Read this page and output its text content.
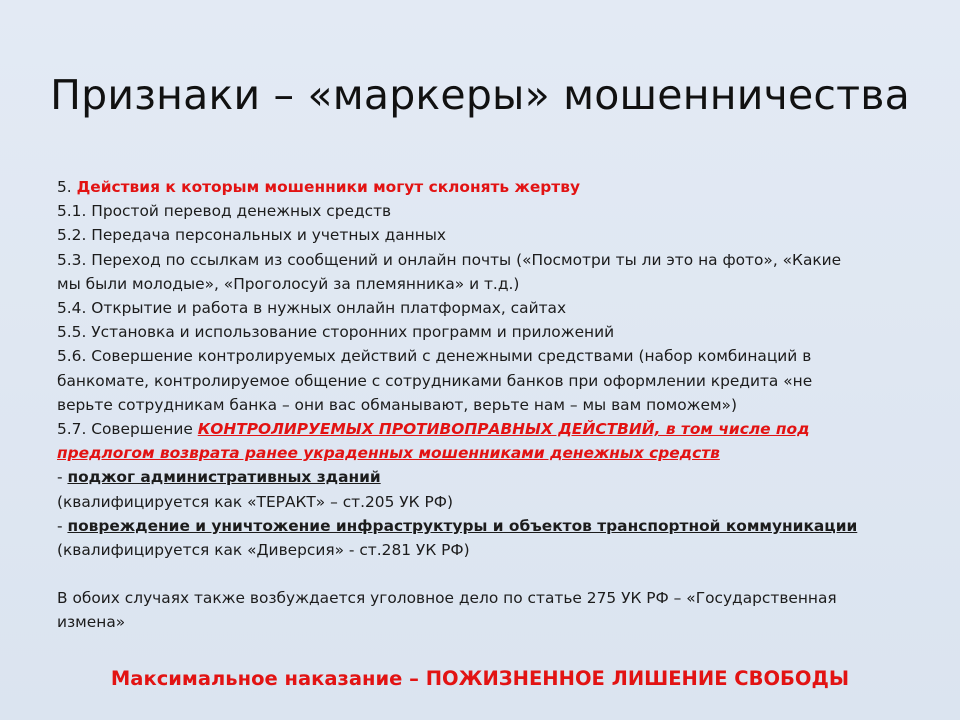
Признаки – «маркеры» мошенничества
5. Действия к которым мошенники могут склонять жертву
5.1. Простой перевод денежных средств
5.2. Передача персональных и учетных данных
5.3. Переход по ссылкам из сообщений и онлайн почты («Посмотри ты ли это на фото», «Какие
мы были молодые», «Проголосуй за племянника» и т.д.)
5.4. Открытие и работа в нужных онлайн платформах, сайтах
5.5. Установка и использование сторонних программ и приложений
5.6. Совершение контролируемых действий с денежными средствами (набор комбинаций в
банкомате, контролируемое общение с сотрудниками банков при оформлении кредита «не
верьте сотрудникам банка – они вас обманывают, верьте нам – мы вам поможем»)
5.7. Совершение КОНТРОЛИРУЕМЫХ ПРОТИВОПРАВНЫХ ДЕЙСТВИЙ, в том числе под
предлогом возврата ранее украденных мошенниками денежных средств
- поджог административных зданий
(квалифицируется как «ТЕРАКТ» – ст.205 УК РФ)
- повреждение и уничтожение инфраструктуры и объектов транспортной коммуникации
(квалифицируется как «Диверсия» - ст.281 УК РФ)
В обоих случаях также возбуждается уголовное дело по статье 275 УК РФ – «Государственная
измена»
Максимальное наказание – ПОЖИЗНЕННОЕ ЛИШЕНИЕ СВОБОДЫ
